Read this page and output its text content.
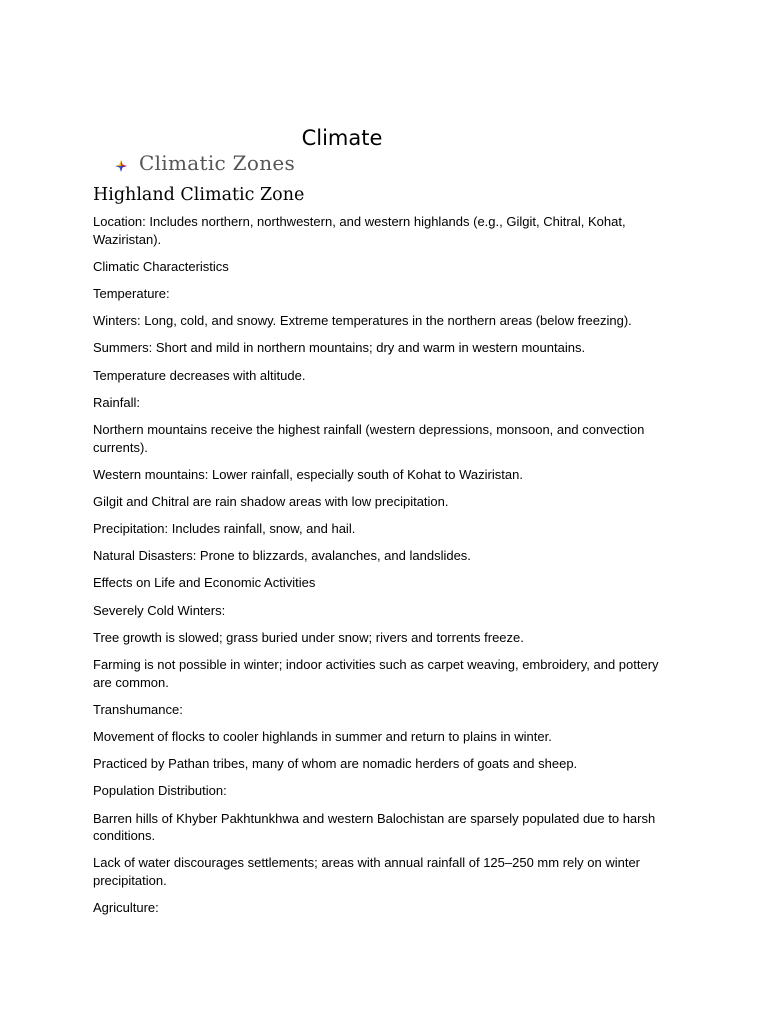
Climate
Climatic Zones
Highland Climatic Zone

Location: Includes northern, northwestern, and western highlands (e.g., Gilgit, Chitral, Kohat, Waziristan).

Climatic Characteristics

Temperature:

Winters: Long, cold, and snowy. Extreme temperatures in the northern areas (below freezing).

Summers: Short and mild in northern mountains; dry and warm in western mountains.

Temperature decreases with altitude.

Rainfall:

Northern mountains receive the highest rainfall (western depressions, monsoon, and convection currents).

Western mountains: Lower rainfall, especially south of Kohat to Waziristan.

Gilgit and Chitral are rain shadow areas with low precipitation.

Precipitation: Includes rainfall, snow, and hail.

Natural Disasters: Prone to blizzards, avalanches, and landslides.

Effects on Life and Economic Activities

Severely Cold Winters:

Tree growth is slowed; grass buried under snow; rivers and torrents freeze.

Farming is not possible in winter; indoor activities such as carpet weaving, embroidery, and pottery are common.

Transhumance:

Movement of flocks to cooler highlands in summer and return to plains in winter.

Practiced by Pathan tribes, many of whom are nomadic herders of goats and sheep.

Population Distribution:

Barren hills of Khyber Pakhtunkhwa and western Balochistan are sparsely populated due to harsh conditions.

Lack of water discourages settlements; areas with annual rainfall of 125–250 mm rely on winter precipitation.

Agriculture:
